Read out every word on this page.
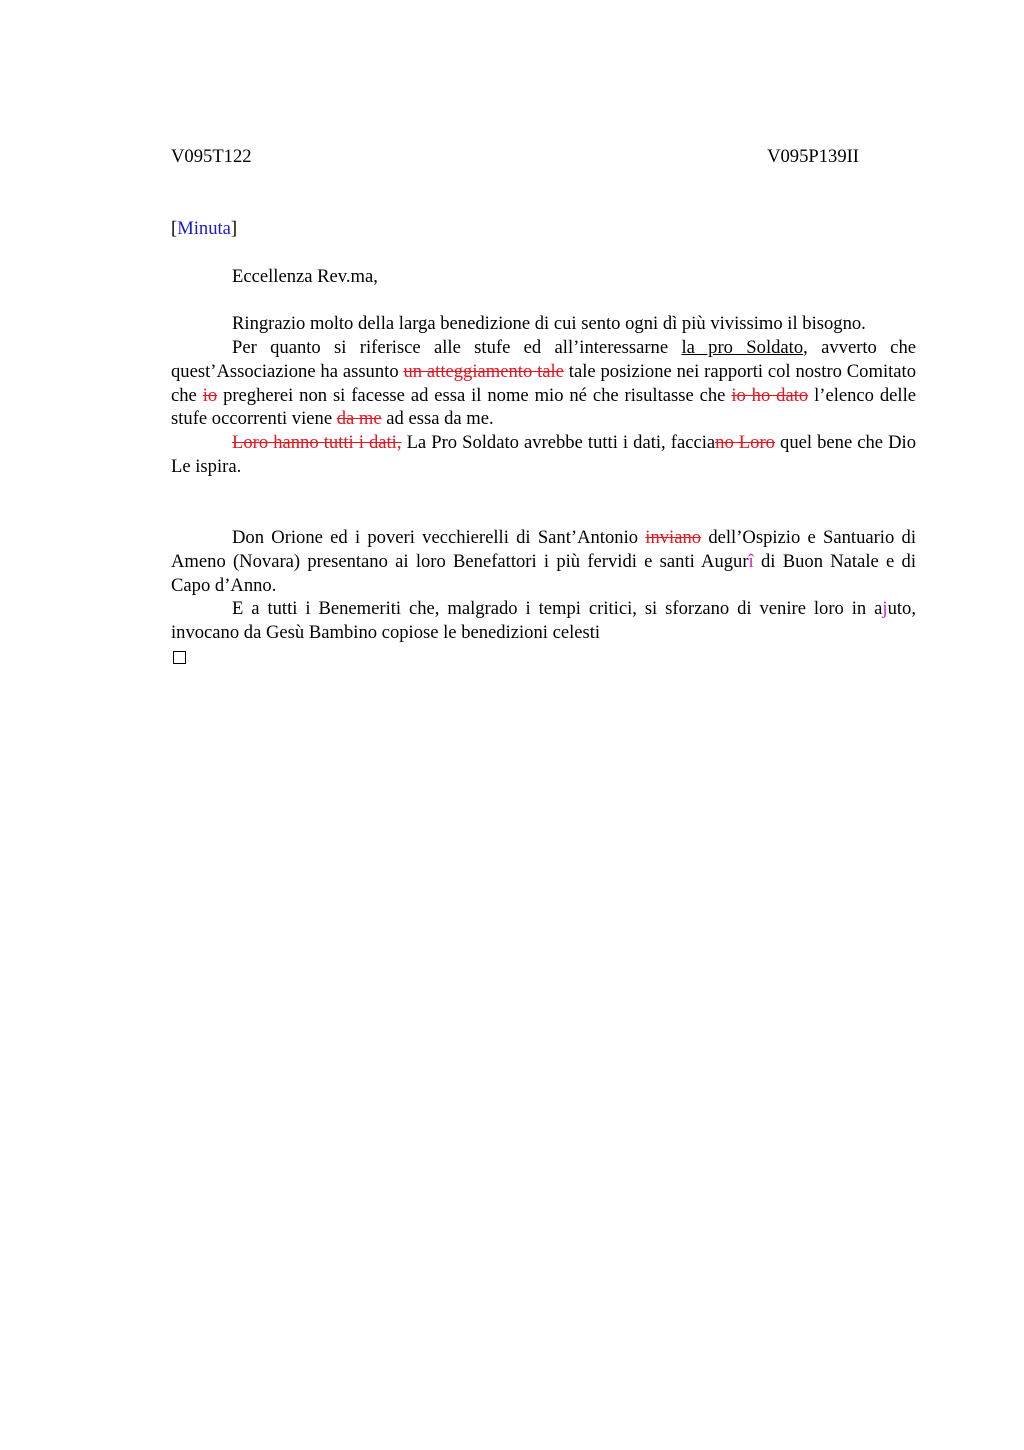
V095T122	V095P139II
[Minuta]

Eccellenza Rev.ma,

Ringrazio molto della larga benedizione di cui sento ogni dì più vivissimo il bisogno.

Per quanto si riferisce alle stufe ed all’interessarne la pro Soldato, avverto che quest’Associazione ha assunto un atteggiamento tale tale posizione nei rapporti col nostro Comitato che io pregherei non si facesse ad essa il nome mio né che risultasse che io ho dato l’elenco delle stufe occorrenti viene da me ad essa da me.

Loro hanno tutti i dati, La Pro Soldato avrebbe tutti i dati, facciano Loro quel bene che Dio Le ispira.

Don Orione ed i poveri vecchierelli di Sant’Antonio inviano dell’Ospizio e Santuario di Ameno (Novara) presentano ai loro Benefattori i più fervidi e santi Augurî di Buon Natale e di Capo d’Anno.

E a tutti i Benemeriti che, malgrado i tempi critici, si sforzano di venire loro in ajuto, invocano da Gesù Bambino copiose le benedizioni celesti
